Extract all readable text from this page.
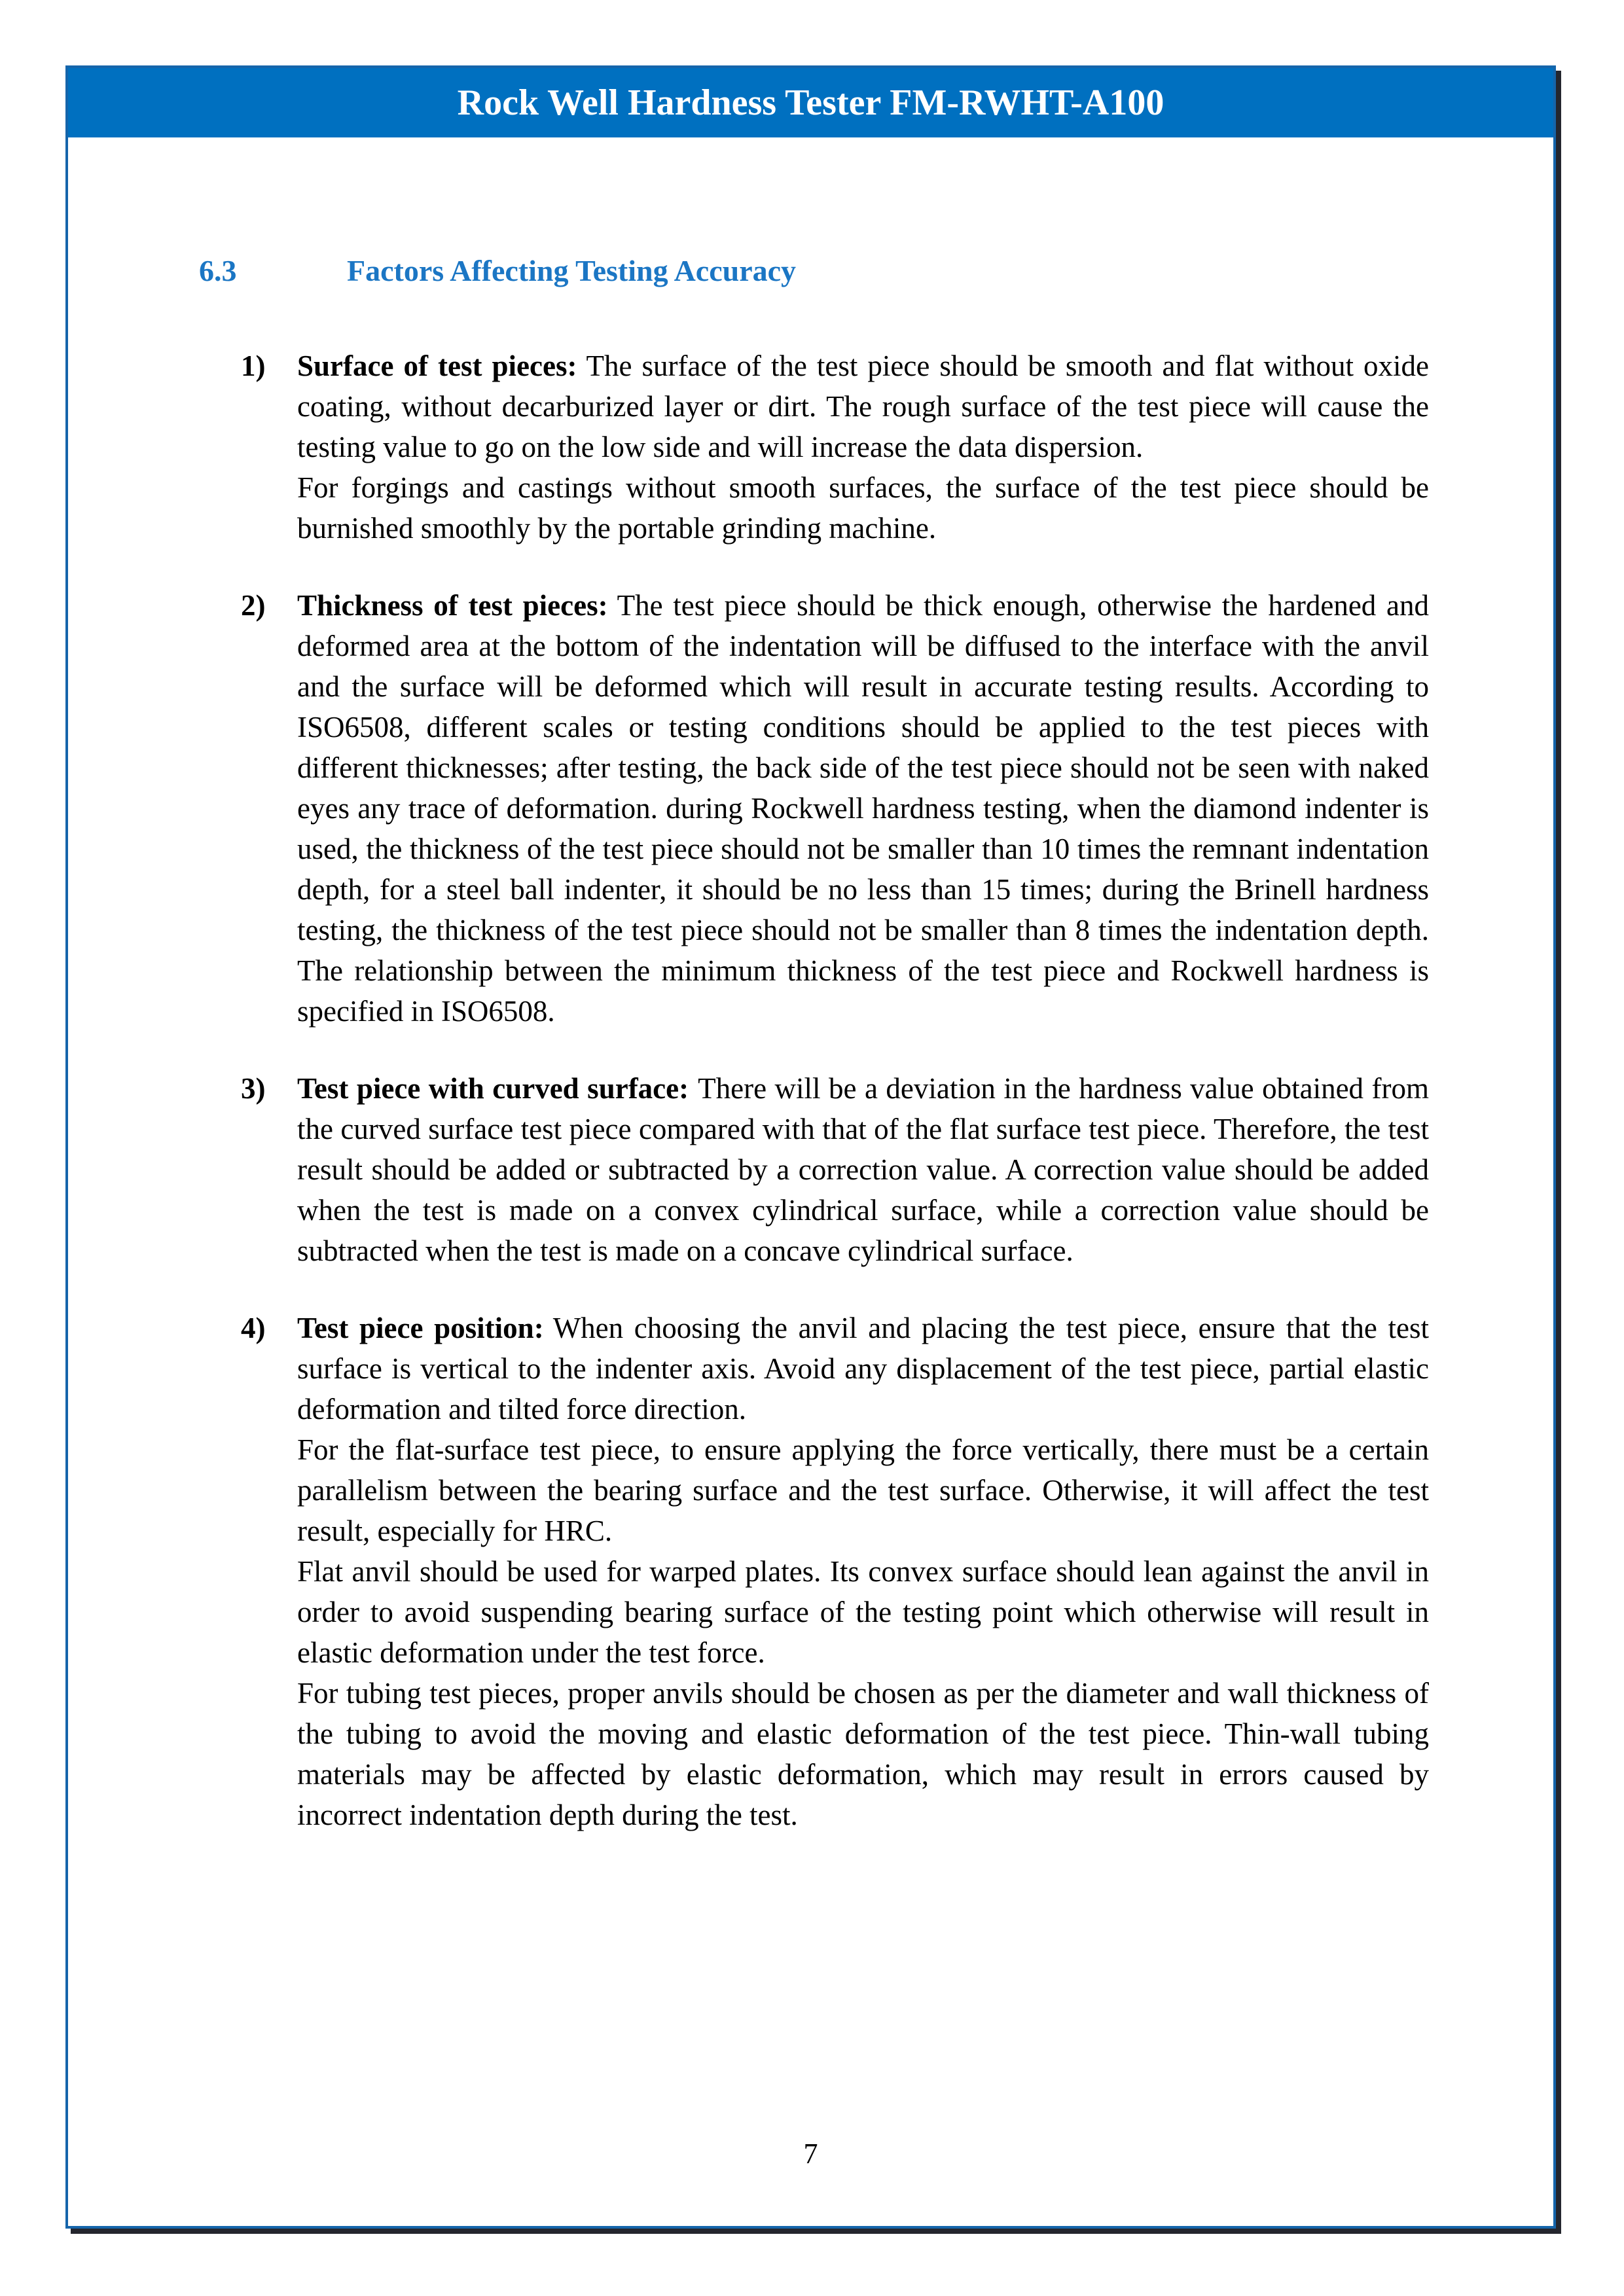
Rock Well Hardness Tester FM-RWHT-A100
6.3	Factors Affecting Testing Accuracy
1) Surface of test pieces: The surface of the test piece should be smooth and flat without oxide coating, without decarburized layer or dirt. The rough surface of the test piece will cause the testing value to go on the low side and will increase the data dispersion.

For forgings and castings without smooth surfaces, the surface of the test piece should be burnished smoothly by the portable grinding machine.

2) Thickness of test pieces: The test piece should be thick enough, otherwise the hardened and deformed area at the bottom of the indentation will be diffused to the interface with the anvil and the surface will be deformed which will result in accurate testing results. According to ISO6508, different scales or testing conditions should be applied to the test pieces with different thicknesses; after testing, the back side of the test piece should not be seen with naked eyes any trace of deformation. during Rockwell hardness testing, when the diamond indenter is used, the thickness of the test piece should not be smaller than 10 times the remnant indentation depth, for a steel ball indenter, it should be no less than 15 times; during the Brinell hardness testing, the thickness of the test piece should not be smaller than 8 times the indentation depth. The relationship between the minimum thickness of the test piece and Rockwell hardness is specified in ISO6508.

3) Test piece with curved surface: There will be a deviation in the hardness value obtained from the curved surface test piece compared with that of the flat surface test piece. Therefore, the test result should be added or subtracted by a correction value. A correction value should be added when the test is made on a convex cylindrical surface, while a correction value should be subtracted when the test is made on a concave cylindrical surface.

4) Test piece position: When choosing the anvil and placing the test piece, ensure that the test surface is vertical to the indenter axis. Avoid any displacement of the test piece, partial elastic deformation and tilted force direction.

For the flat-surface test piece, to ensure applying the force vertically, there must be a certain parallelism between the bearing surface and the test surface. Otherwise, it will affect the test result, especially for HRC.

Flat anvil should be used for warped plates. Its convex surface should lean against the anvil in order to avoid suspending bearing surface of the testing point which otherwise will result in elastic deformation under the test force.

For tubing test pieces, proper anvils should be chosen as per the diameter and wall thickness of the tubing to avoid the moving and elastic deformation of the test piece. Thin-wall tubing materials may be affected by elastic deformation, which may result in errors caused by incorrect indentation depth during the test.

7
